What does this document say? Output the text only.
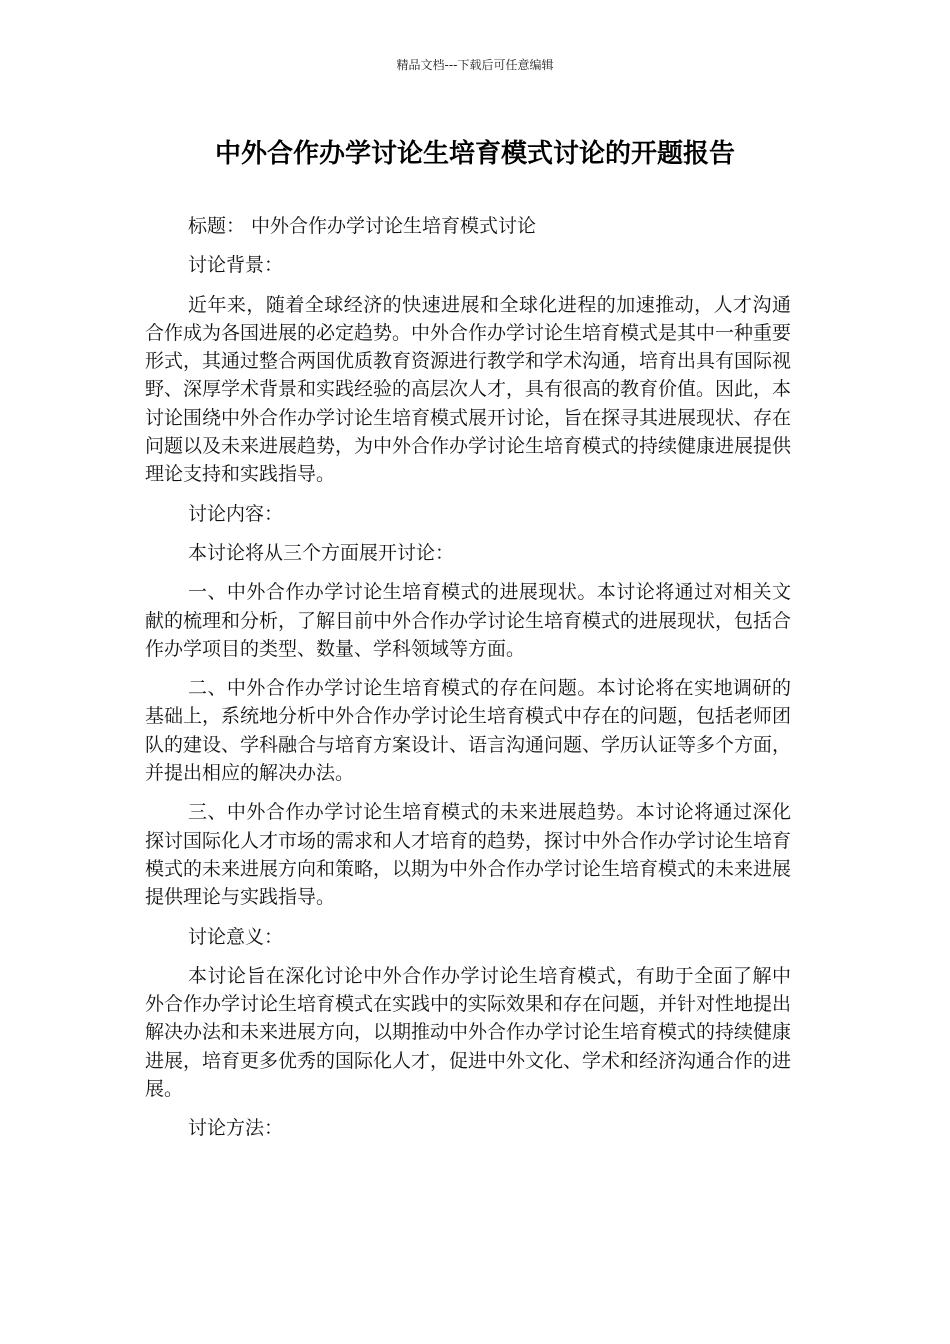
精品文档---下载后可任意编辑
中外合作办学讨论生培育模式讨论的开题报告

标题： 中外合作办学讨论生培育模式讨论

讨论背景：

近年来，随着全球经济的快速进展和全球化进程的加速推动，人才沟通合作成为各国进展的必定趋势。中外合作办学讨论生培育模式是其中一种重要形式，其通过整合两国优质教育资源进行教学和学术沟通，培育出具有国际视野、深厚学术背景和实践经验的高层次人才，具有很高的教育价值。因此，本讨论围绕中外合作办学讨论生培育模式展开讨论，旨在探寻其进展现状、存在问题以及未来进展趋势，为中外合作办学讨论生培育模式的持续健康进展提供理论支持和实践指导。

讨论内容：

本讨论将从三个方面展开讨论：

一、中外合作办学讨论生培育模式的进展现状。本讨论将通过对相关文献的梳理和分析，了解目前中外合作办学讨论生培育模式的进展现状，包括合作办学项目的类型、数量、学科领域等方面。

二、中外合作办学讨论生培育模式的存在问题。本讨论将在实地调研的基础上，系统地分析中外合作办学讨论生培育模式中存在的问题，包括老师团队的建设、学科融合与培育方案设计、语言沟通问题、学历认证等多个方面，并提出相应的解决办法。

三、中外合作办学讨论生培育模式的未来进展趋势。本讨论将通过深化探讨国际化人才市场的需求和人才培育的趋势，探讨中外合作办学讨论生培育模式的未来进展方向和策略，以期为中外合作办学讨论生培育模式的未来进展提供理论与实践指导。

讨论意义：

本讨论旨在深化讨论中外合作办学讨论生培育模式，有助于全面了解中外合作办学讨论生培育模式在实践中的实际效果和存在问题，并针对性地提出解决办法和未来进展方向，以期推动中外合作办学讨论生培育模式的持续健康进展，培育更多优秀的国际化人才，促进中外文化、学术和经济沟通合作的进展。

讨论方法：
